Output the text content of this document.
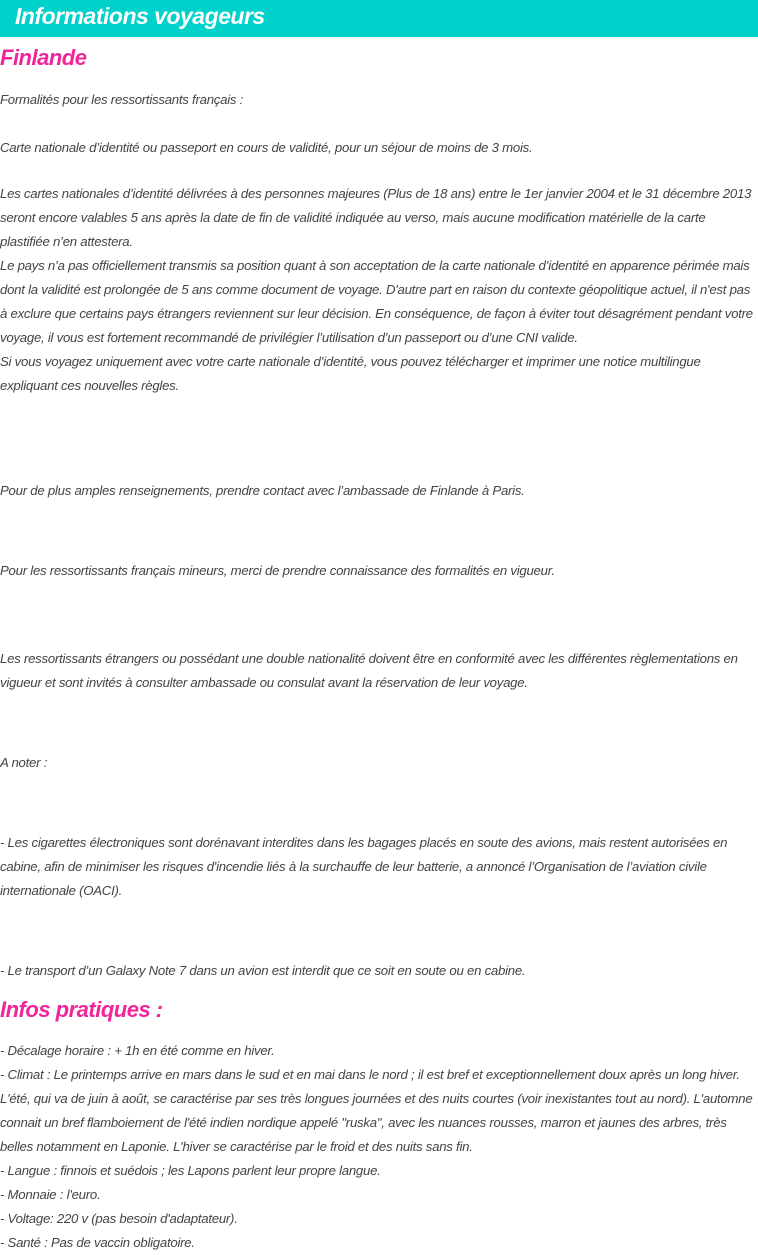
Informations voyageurs
Finlande

Formalités pour les ressortissants français :

Carte nationale d’identité ou passeport en cours de validité, pour un séjour de moins de 3 mois.

Les cartes nationales d’identité délivrées à des personnes majeures (Plus de 18 ans) entre le 1er janvier 2004 et le 31 décembre 2013 seront encore valables 5 ans après la date de fin de validité indiquée au verso, mais aucune modification matérielle de la carte plastifiée n’en attestera.
Le pays n’a pas officiellement transmis sa position quant à son acceptation de la carte nationale d’identité en apparence périmée mais dont la validité est prolongée de 5 ans comme document de voyage. D'autre part en raison du contexte géopolitique actuel, il n'est pas à exclure que certains pays étrangers reviennent sur leur décision. En conséquence, de façon à éviter tout désagrément pendant votre voyage, il vous est fortement recommandé de privilégier l’utilisation d’un passeport ou d’une CNI valide.
Si vous voyagez uniquement avec votre carte nationale d’identité, vous pouvez télécharger et imprimer une notice multilingue expliquant ces nouvelles règles.

Pour de plus amples renseignements, prendre contact avec l’ambassade de Finlande à Paris.

Pour les ressortissants français mineurs, merci de prendre connaissance des formalités en vigueur.

Les ressortissants étrangers ou possédant une double nationalité doivent être en conformité avec les différentes règlementations en vigueur et sont invités à consulter ambassade ou consulat avant la réservation de leur voyage.

A noter :

- Les cigarettes électroniques sont dorénavant interdites dans les bagages placés en soute des avions, mais restent autorisées en cabine, afin de minimiser les risques d'incendie liés à la surchauffe de leur batterie, a annoncé l’Organisation de l’aviation civile internationale (OACI).

- Le transport d’un Galaxy Note 7 dans un avion est interdit que ce soit en soute ou en cabine.

Infos pratiques :
- Décalage horaire : + 1h en été comme en hiver.
- Climat : Le printemps arrive en mars dans le sud et en mai dans le nord ; il est bref et exceptionnellement doux après un long hiver. L'été, qui va de juin à août, se caractérise par ses très longues journées et des nuits courtes (voir inexistantes tout au nord). L'automne connait un bref flamboiement de l'été indien nordique appelé "ruska", avec les nuances rousses, marron et jaunes des arbres, très belles notamment en Laponie. L'hiver se caractérise par le froid et des nuits sans fin.
- Langue : finnois et suédois ; les Lapons parlent leur propre langue.
- Monnaie : l'euro.
- Voltage: 220 v (pas besoin d'adaptateur).
- Santé : Pas de vaccin obligatoire.
